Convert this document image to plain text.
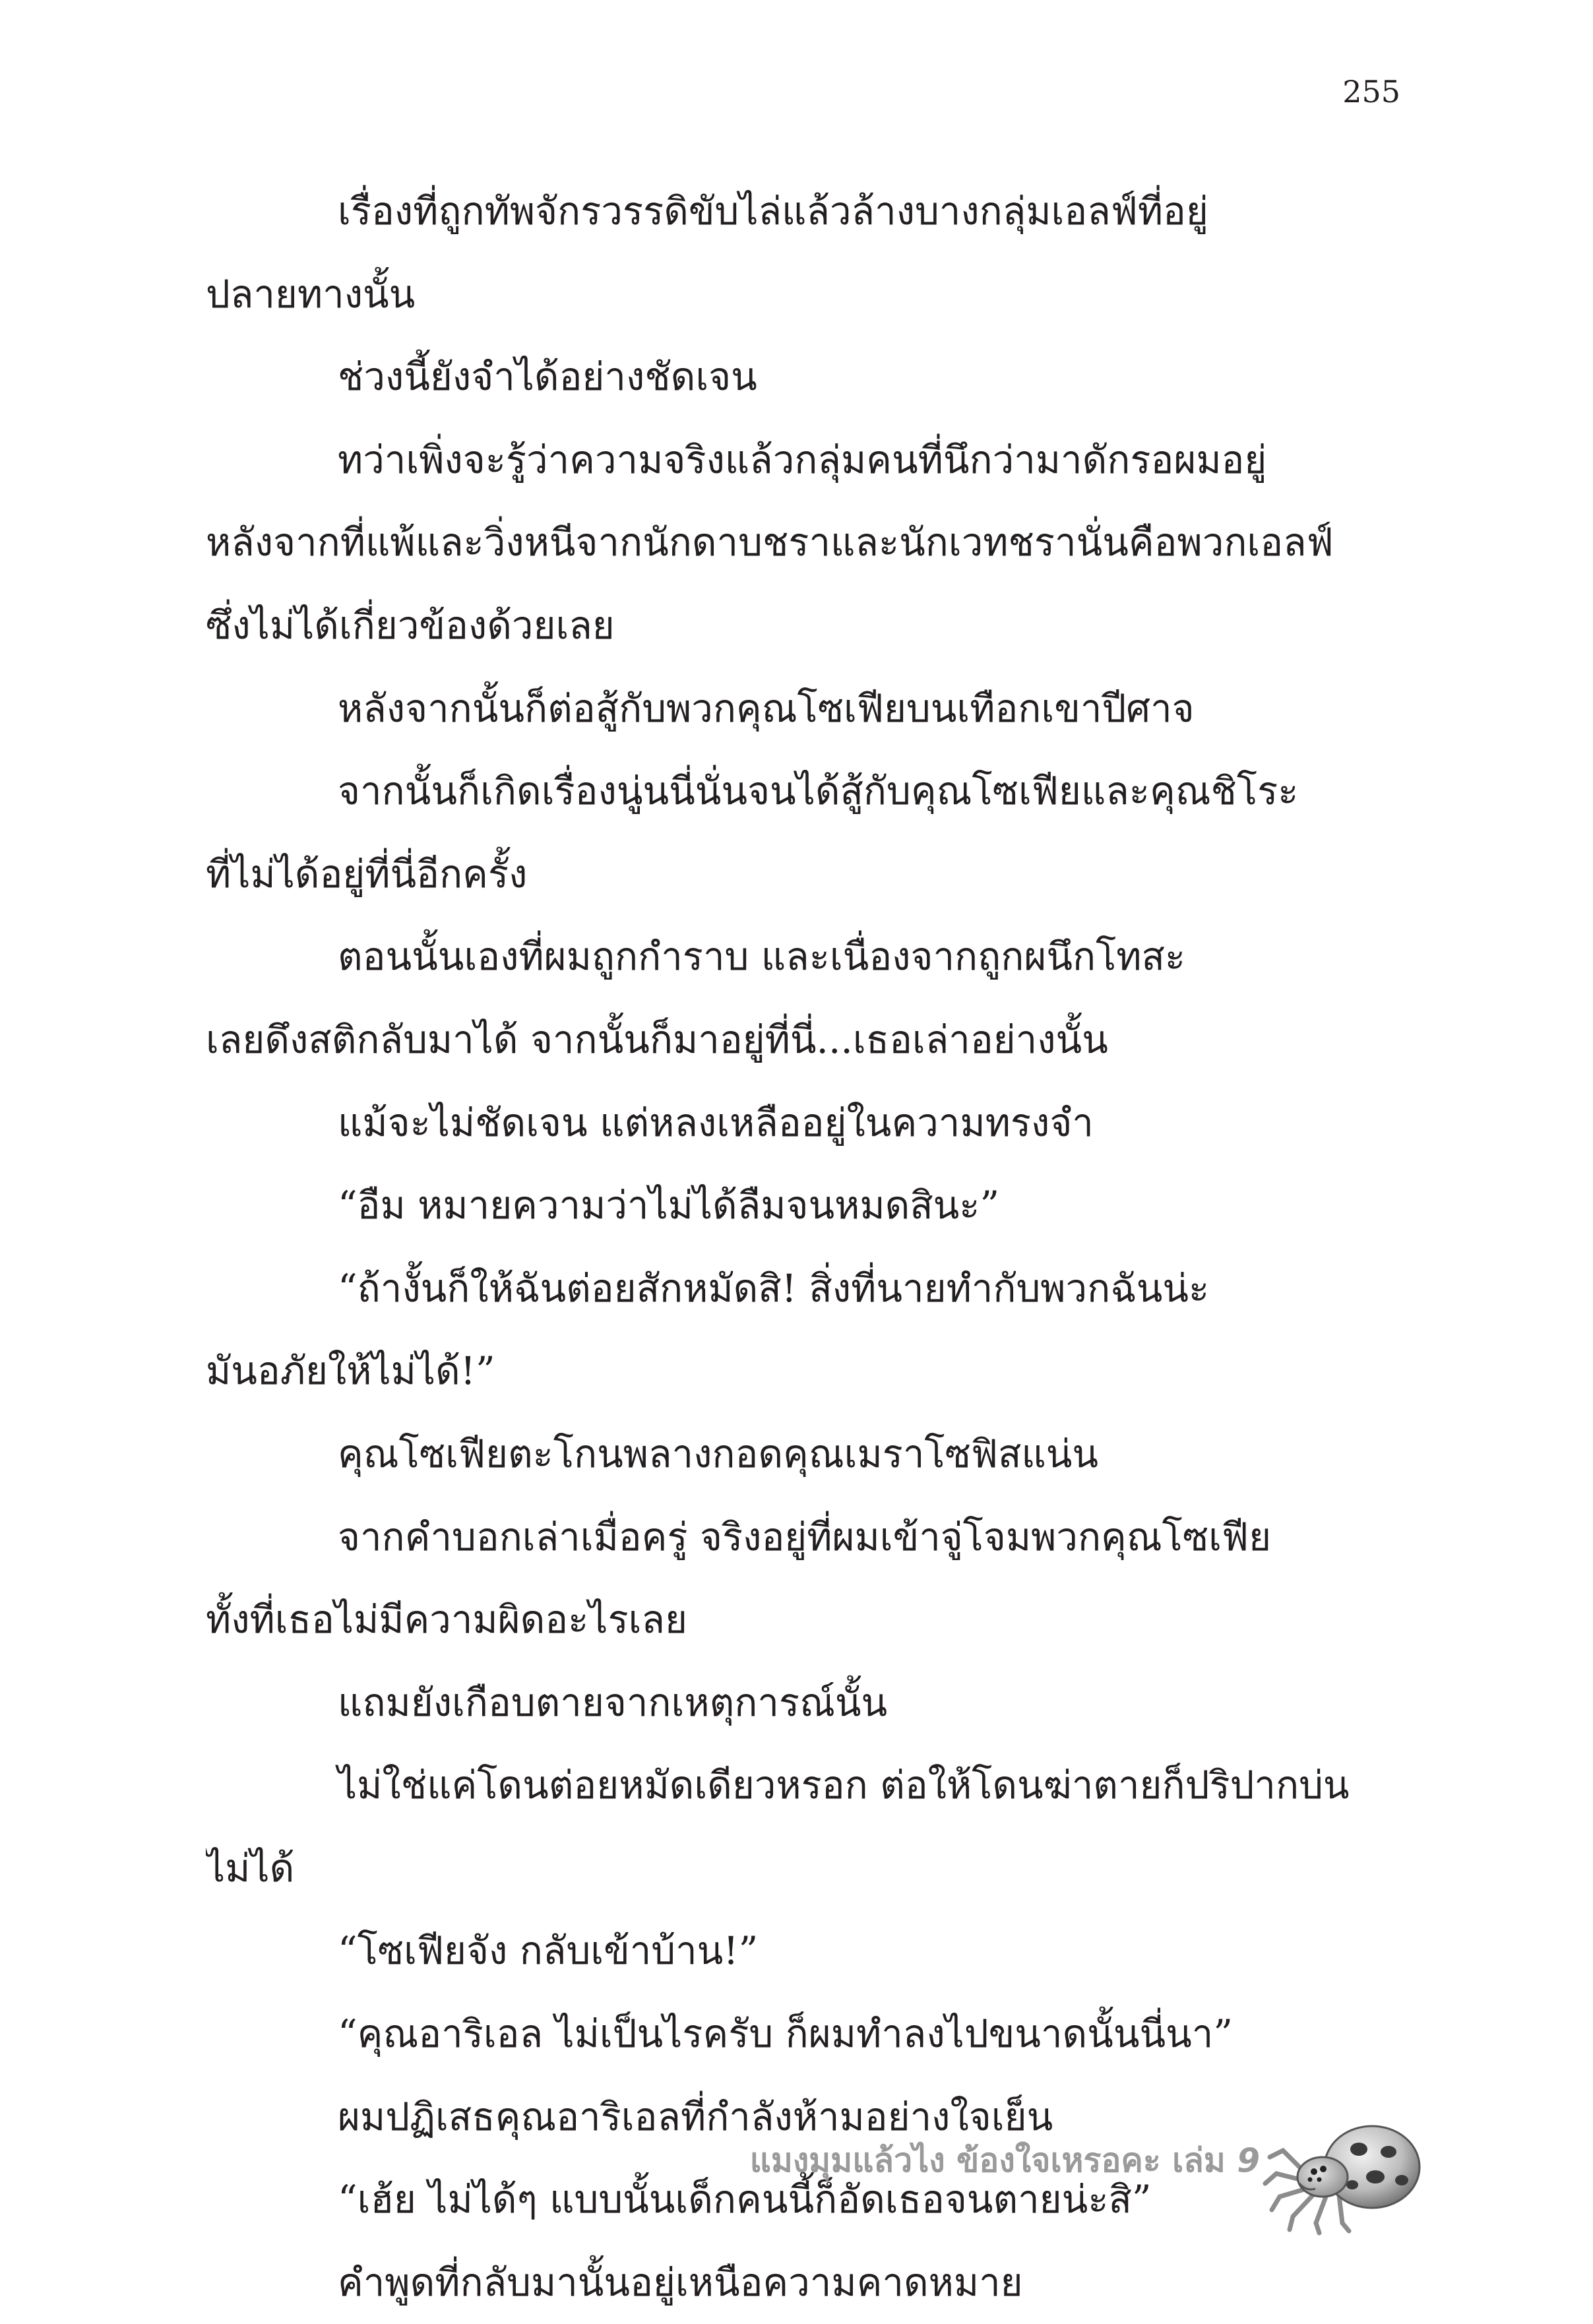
255
เรื่องที่ถูกทัพจักรวรรดิขับไล่แล้วล้างบางกลุ่มเอลฟ์ที่อยู่
ปลายทางนั้น
ช่วงนี้ยังจำได้อย่างชัดเจน
ทว่าเพิ่งจะรู้ว่าความจริงแล้วกลุ่มคนที่นึกว่ามาดักรอผมอยู่
หลังจากที่แพ้และวิ่งหนีจากนักดาบชราและนักเวทชรานั่นคือพวกเอลฟ์
ซึ่งไม่ได้เกี่ยวข้องด้วยเลย
หลังจากนั้นก็ต่อสู้กับพวกคุณโซเฟียบนเทือกเขาปีศาจ
จากนั้นก็เกิดเรื่องนู่นนี่นั่นจนได้สู้กับคุณโซเฟียและคุณชิโระ
ที่ไม่ได้อยู่ที่นี่อีกครั้ง
ตอนนั้นเองที่ผมถูกกำราบ และเนื่องจากถูกผนึกโทสะ
เลยดึงสติกลับมาได้ จากนั้นก็มาอยู่ที่นี่...เธอเล่าอย่างนั้น
แม้จะไม่ชัดเจน แต่หลงเหลืออยู่ในความทรงจำ
“อืม หมายความว่าไม่ได้ลืมจนหมดสินะ”
“ถ้างั้นก็ให้ฉันต่อยสักหมัดสิ! สิ่งที่นายทำกับพวกฉันน่ะ
มันอภัยให้ไม่ได้!”
คุณโซเฟียตะโกนพลางกอดคุณเมราโซฟิสแน่น
จากคำบอกเล่าเมื่อครู่ จริงอยู่ที่ผมเข้าจู่โจมพวกคุณโซเฟีย
ทั้งที่เธอไม่มีความผิดอะไรเลย
แถมยังเกือบตายจากเหตุการณ์นั้น
ไม่ใช่แค่โดนต่อยหมัดเดียวหรอก ต่อให้โดนฆ่าตายก็ปริปากบ่น
ไม่ได้
“โซเฟียจัง กลับเข้าบ้าน!”
“คุณอาริเอล ไม่เป็นไรครับ ก็ผมทำลงไปขนาดนั้นนี่นา”
ผมปฏิเสธคุณอาริเอลที่กำลังห้ามอย่างใจเย็น
“เฮ้ย ไม่ได้ๆ แบบนั้นเด็กคนนี้ก็อัดเธอจนตายน่ะสิ”
คำพูดที่กลับมานั้นอยู่เหนือความคาดหมาย
แมงมุมแล้วไง ข้องใจเหรอคะ เล่ม 9
